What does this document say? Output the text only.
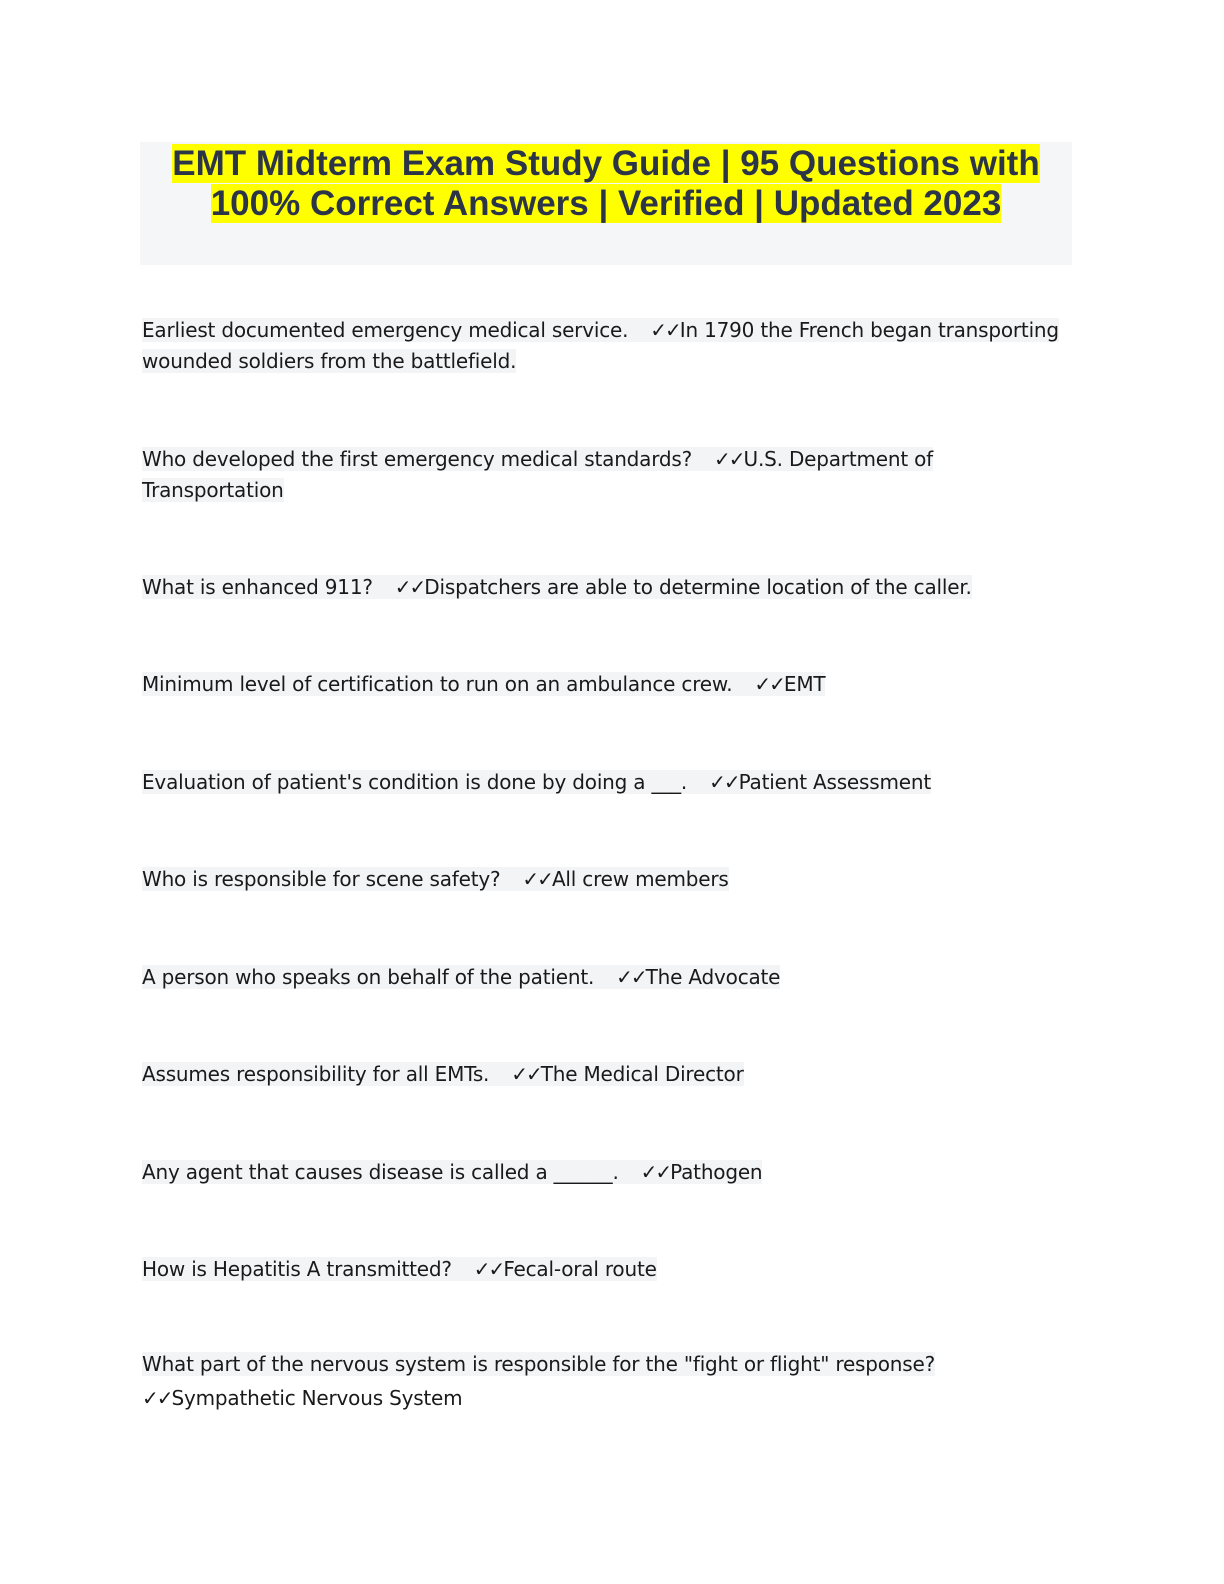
EMT Midterm Exam Study Guide | 95 Questions with
100% Correct Answers | Verified | Updated 2023
Earliest documented emergency medical service. ✓✓In 1790 the French began transporting wounded soldiers from the battlefield.
Who developed the first emergency medical standards? ✓✓U.S. Department of Transportation
What is enhanced 911? ✓✓Dispatchers are able to determine location of the caller.
Minimum level of certification to run on an ambulance crew. ✓✓EMT
Evaluation of patient's condition is done by doing a ___. ✓✓Patient Assessment
Who is responsible for scene safety? ✓✓All crew members
A person who speaks on behalf of the patient. ✓✓The Advocate
Assumes responsibility for all EMTs. ✓✓The Medical Director
Any agent that causes disease is called a ______. ✓✓Pathogen
How is Hepatitis A transmitted? ✓✓Fecal-oral route
What part of the nervous system is responsible for the "fight or flight" response?
✓✓Sympathetic Nervous System
